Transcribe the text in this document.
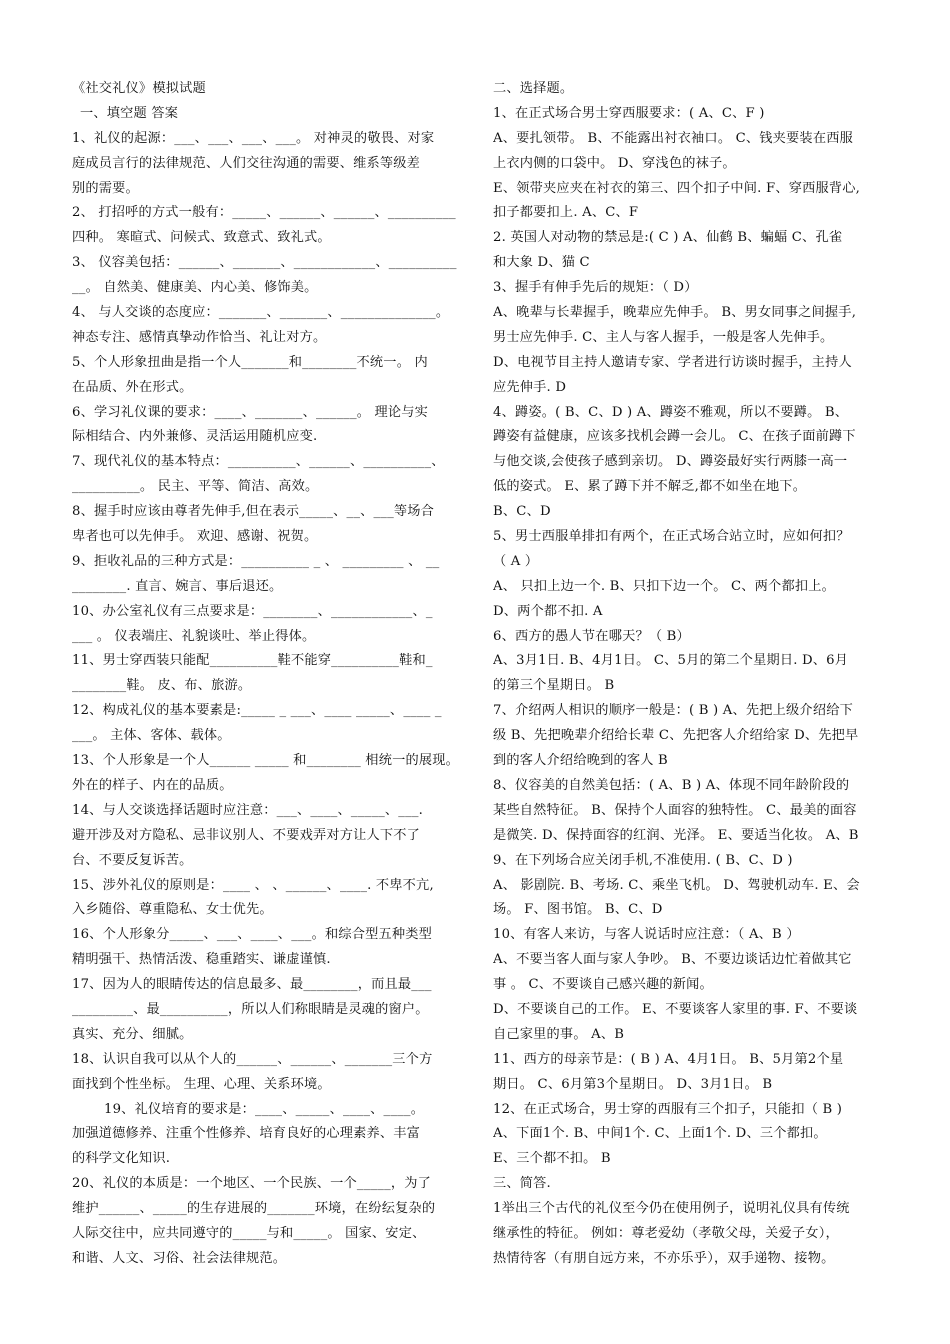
《社交礼仪》模拟试题
一、填空题 答案
1、礼仪的起源：___、___、___、___。 对神灵的敬畏、对家
庭成员言行的法律规范、人们交往沟通的需要、维系等级差
别的需要。
2、 打招呼的方式一般有：_____、______、______、__________
四种。 寒暄式、问候式、致意式、致礼式。
3、 仪容美包括：______、_______、____________、__________
__。 自然美、健康美、内心美、修饰美。
4、 与人交谈的态度应：_______、_______、______________。
神态专注、感情真挚动作恰当、礼让对方。
5、个人形象扭曲是指一个人_______和________不统一。 内
在品质、外在形式。
6、学习礼仪课的要求：____、_______、______。 理论与实
际相结合、内外兼修、灵活运用随机应变.
7、现代礼仪的基本特点：__________、______、__________、
__________。 民主、平等、简洁、高效。
8、握手时应该由尊者先伸手,但在表示_____、__、___等场合
卑者也可以先伸手。 欢迎、感谢、祝贺。
9、拒收礼品的三种方式是：__________ _ 、 _________ 、 __
________. 直言、婉言、事后退还。
10、办公室礼仪有三点要求是：________、____________、_
___ 。 仪表端庄、礼貌谈吐、举止得体。
11、男士穿西装只能配__________鞋不能穿__________鞋和_
________鞋。 皮、布、旅游。
12、构成礼仪的基本要素是:_____ _ ___、____ _____、____ _
___。 主体、客体、载体。
13、个人形象是一个人______ _____ 和________ 相统一的展现。
外在的样子、内在的品质。
14、与人交谈选择话题时应注意：___、____、_____、___.
避开涉及对方隐私、忌非议别人、不要戏弄对方让人下不了
台、不要反复诉苦。
15、涉外礼仪的原则是：____ 、 、______、____. 不卑不亢,
入乡随俗、尊重隐私、女士优先。
16、个人形象分_____、___、____、___。和综合型五种类型
精明强干、热情活泼、稳重踏实、谦虚谨慎.
17、因为人的眼睛传达的信息最多、最________，而且最___
_________、最__________，所以人们称眼睛是灵魂的窗户。
真实、充分、细腻。
18、认识自我可以从个人的______、______、_______三个方
面找到个性坐标。 生理、心理、关系环境。
19、礼仪培育的要求是：____、_____、____、____。
加强道德修养、注重个性修养、培育良好的心理素养、丰富
的科学文化知识.
20、礼仪的本质是：一个地区、一个民族、一个_____，为了
维护______、_____的生存进展的_______环境，在纷纭复杂的
人际交往中，应共同遵守的_____与和_____。 国家、安定、
和谐、人文、习俗、社会法律规范。
二、选择题。
1、在正式场合男士穿西服要求：( A、C、F )
A、要扎领带。 B、不能露出衬衣袖口。 C、钱夹要装在西服
上衣内侧的口袋中。 D、穿浅色的袜子。
E、领带夹应夹在衬衣的第三、四个扣子中间. F、穿西服背心,
扣子都要扣上. A、C、F
2. 英国人对动物的禁忌是:( C ) A、仙鹤 B、蝙蝠 C、孔雀
和大象 D、猫 C
3、握手有伸手先后的规矩：（ D）
A、晚辈与长辈握手，晚辈应先伸手。 B、男女同事之间握手,
男士应先伸手. C、主人与客人握手，一般是客人先伸手。
D、电视节目主持人邀请专家、学者进行访谈时握手，主持人
应先伸手. D
4、蹲姿。( B、C、D ) A、蹲姿不雅观，所以不要蹲。 B、
蹲姿有益健康，应该多找机会蹲一会儿。 C、在孩子面前蹲下
与他交谈,会使孩子感到亲切。 D、蹲姿最好实行两膝一高一
低的姿式。 E、累了蹲下并不解乏,都不如坐在地下。
B、C、D
5、男士西服单排扣有两个，在正式场合站立时，应如何扣？
（ A ）
A、 只扣上边一个. B、只扣下边一个。 C、两个都扣上。
D、两个都不扣. A
6、西方的愚人节在哪天？（ B）
A、3月1日. B、4月1日。 C、5月的第二个星期日. D、6月
的第三个星期日。 B
7、介绍两人相识的顺序一般是：( B ) A、先把上级介绍给下
级 B、先把晚辈介绍给长辈 C、先把客人介绍给家 D、先把早
到的客人介绍给晚到的客人 B
8、仪容美的自然美包括：( A、B ) A、体现不同年龄阶段的
某些自然特征。 B、保持个人面容的独特性。 C、最美的面容
是微笑. D、保持面容的红润、光泽。 E、要适当化妆。 A、B
9、在下列场合应关闭手机,不准使用. ( B、C、D )
A、 影剧院. B、考场. C、乘坐飞机。 D、驾驶机动车. E、会
场。 F、图书馆。 B、C、D
10、有客人来访，与客人说话时应注意：（ A、B ）
A、不要当客人面与家人争吵。 B、不要边谈话边忙着做其它
事 。 C、不要谈自己感兴趣的新闻。
D、不要谈自己的工作。 E、不要谈客人家里的事. F、不要谈
自己家里的事。 A、B
11、西方的母亲节是：( B ) A、4月1日。 B、5月第2个星
期日。 C、6月第3个星期日。 D、3月1日。 B
12、在正式场合，男士穿的西服有三个扣子，只能扣（ B )
A、下面1个. B、中间1个. C、上面1个. D、三个都扣。
E、三个都不扣。 B
三、简答.
1举出三个古代的礼仪至今仍在使用例子，说明礼仪具有传统
继承性的特征。 例如：尊老爱幼（孝敬父母，关爱子女），
热情待客（有朋自远方来，不亦乐乎），双手递物、接物。
